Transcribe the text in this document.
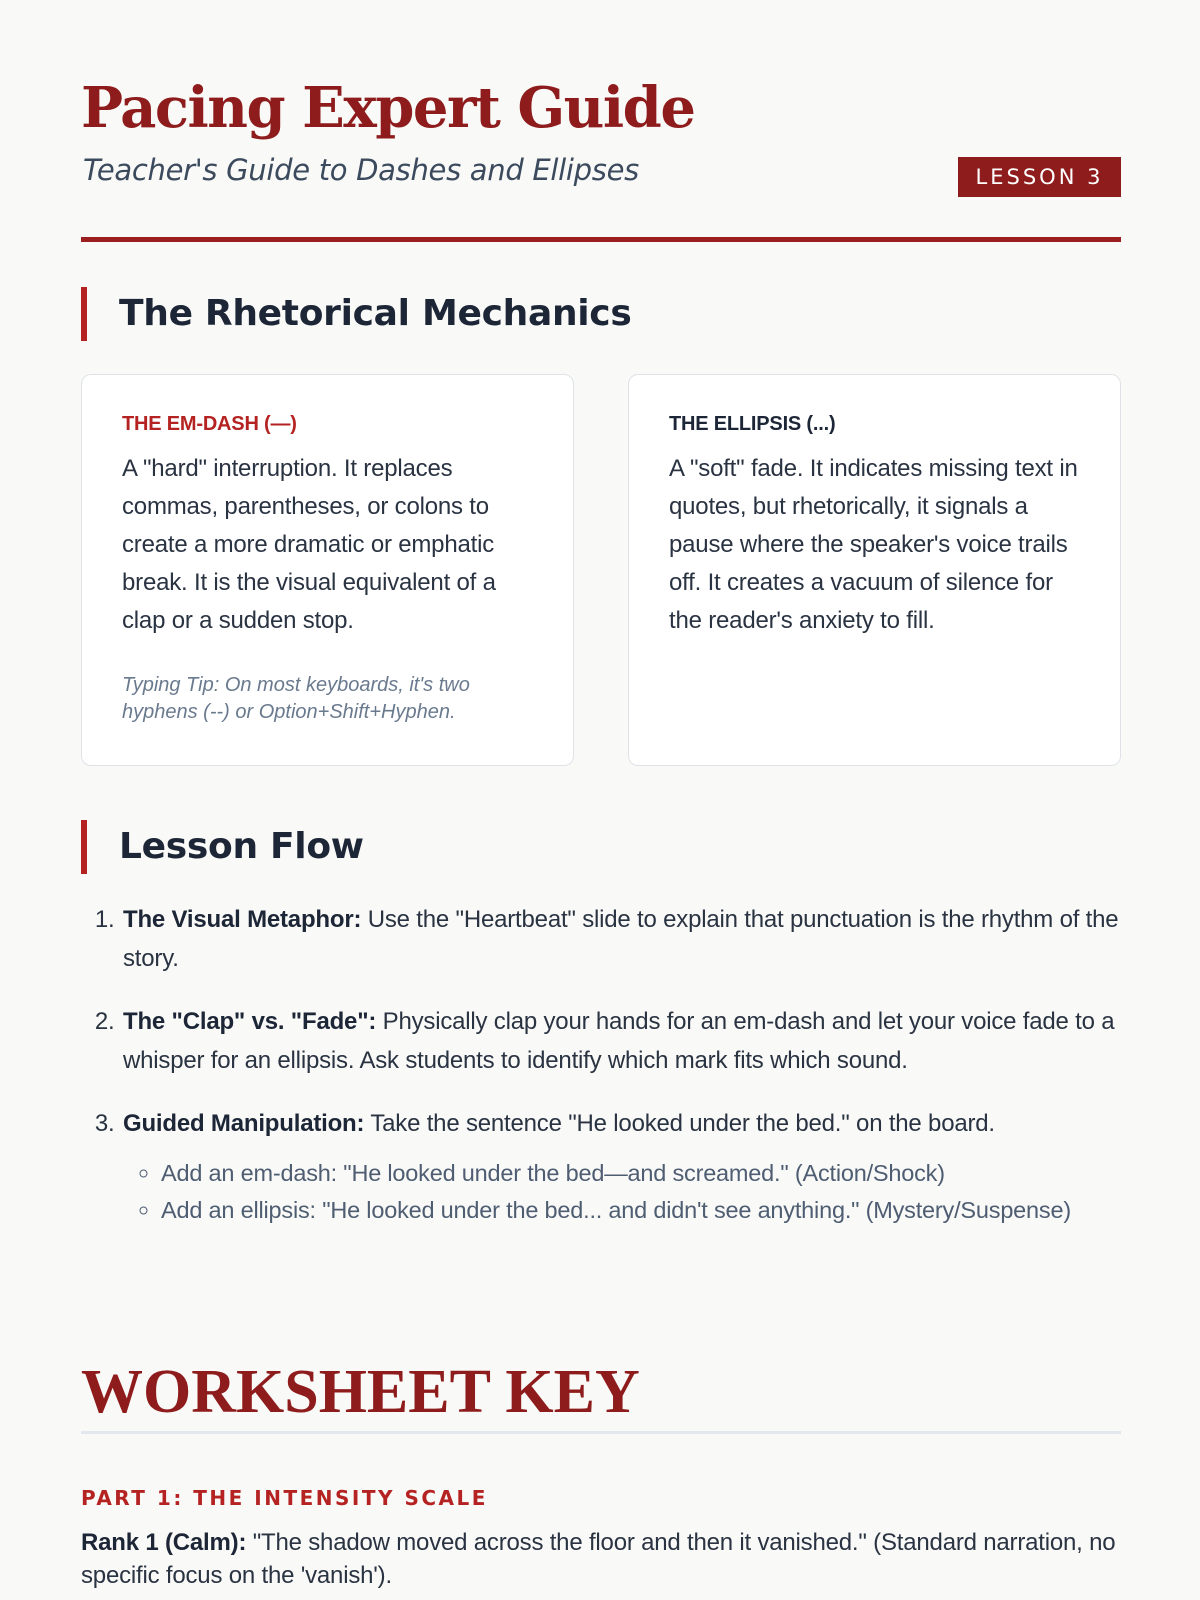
Pacing Expert Guide

Teacher's Guide to Dashes and Ellipses	LESSON 3
The Rhetorical Mechanics

THE EM-DASH (—)

A "hard" interruption. It replaces commas, parentheses, or colons to create a more dramatic or emphatic break. It is the visual equivalent of a clap or a sudden stop.

Typing Tip: On most keyboards, it's two hyphens (--) or Option+Shift+Hyphen.

THE ELLIPSIS (...)

A "soft" fade. It indicates missing text in quotes, but rhetorically, it signals a pause where the speaker's voice trails off. It creates a vacuum of silence for the reader's anxiety to fill.

Lesson Flow
1. The Visual Metaphor: Use the "Heartbeat" slide to explain that punctuation is the rhythm of the story.
2. The "Clap" vs. "Fade": Physically clap your hands for an em-dash and let your voice fade to a whisper for an ellipsis. Ask students to identify which mark fits which sound.
3. Guided Manipulation: Take the sentence "He looked under the bed." on the board.
◦ Add an em-dash: "He looked under the bed—and screamed." (Action/Shock)
◦ Add an ellipsis: "He looked under the bed... and didn't see anything." (Mystery/Suspense)
WORKSHEET KEY
PART 1: THE INTENSITY SCALE

Rank 1 (Calm): "The shadow moved across the floor and then it vanished." (Standard narration, no specific focus on the 'vanish').
